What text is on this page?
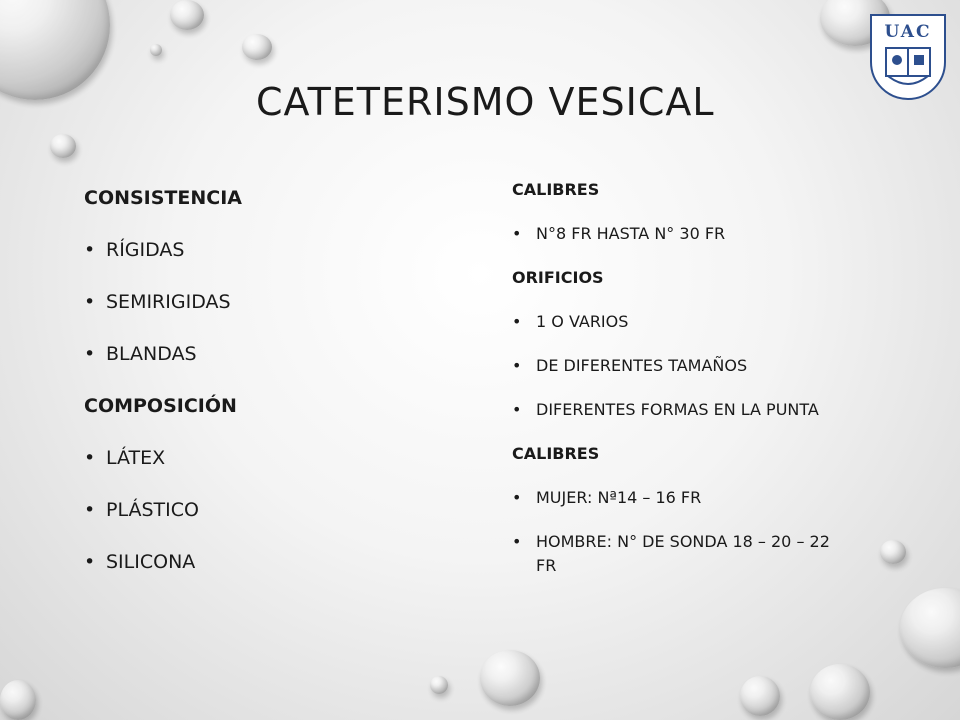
UAC
CATETERISMO VESICAL
CONSISTENCIA
• RÍGIDAS
• SEMIRIGIDAS
• BLANDAS
COMPOSICIÓN
• LÁTEX
• PLÁSTICO
• SILICONA
CALIBRES
• N°8 FR HASTA N° 30 FR
ORIFICIOS
• 1 O VARIOS
• DE DIFERENTES TAMAÑOS
• DIFERENTES FORMAS EN LA PUNTA
CALIBRES
• MUJER: Nª14 – 16 FR
• HOMBRE: N° DE SONDA 18 – 20 – 22 FR
